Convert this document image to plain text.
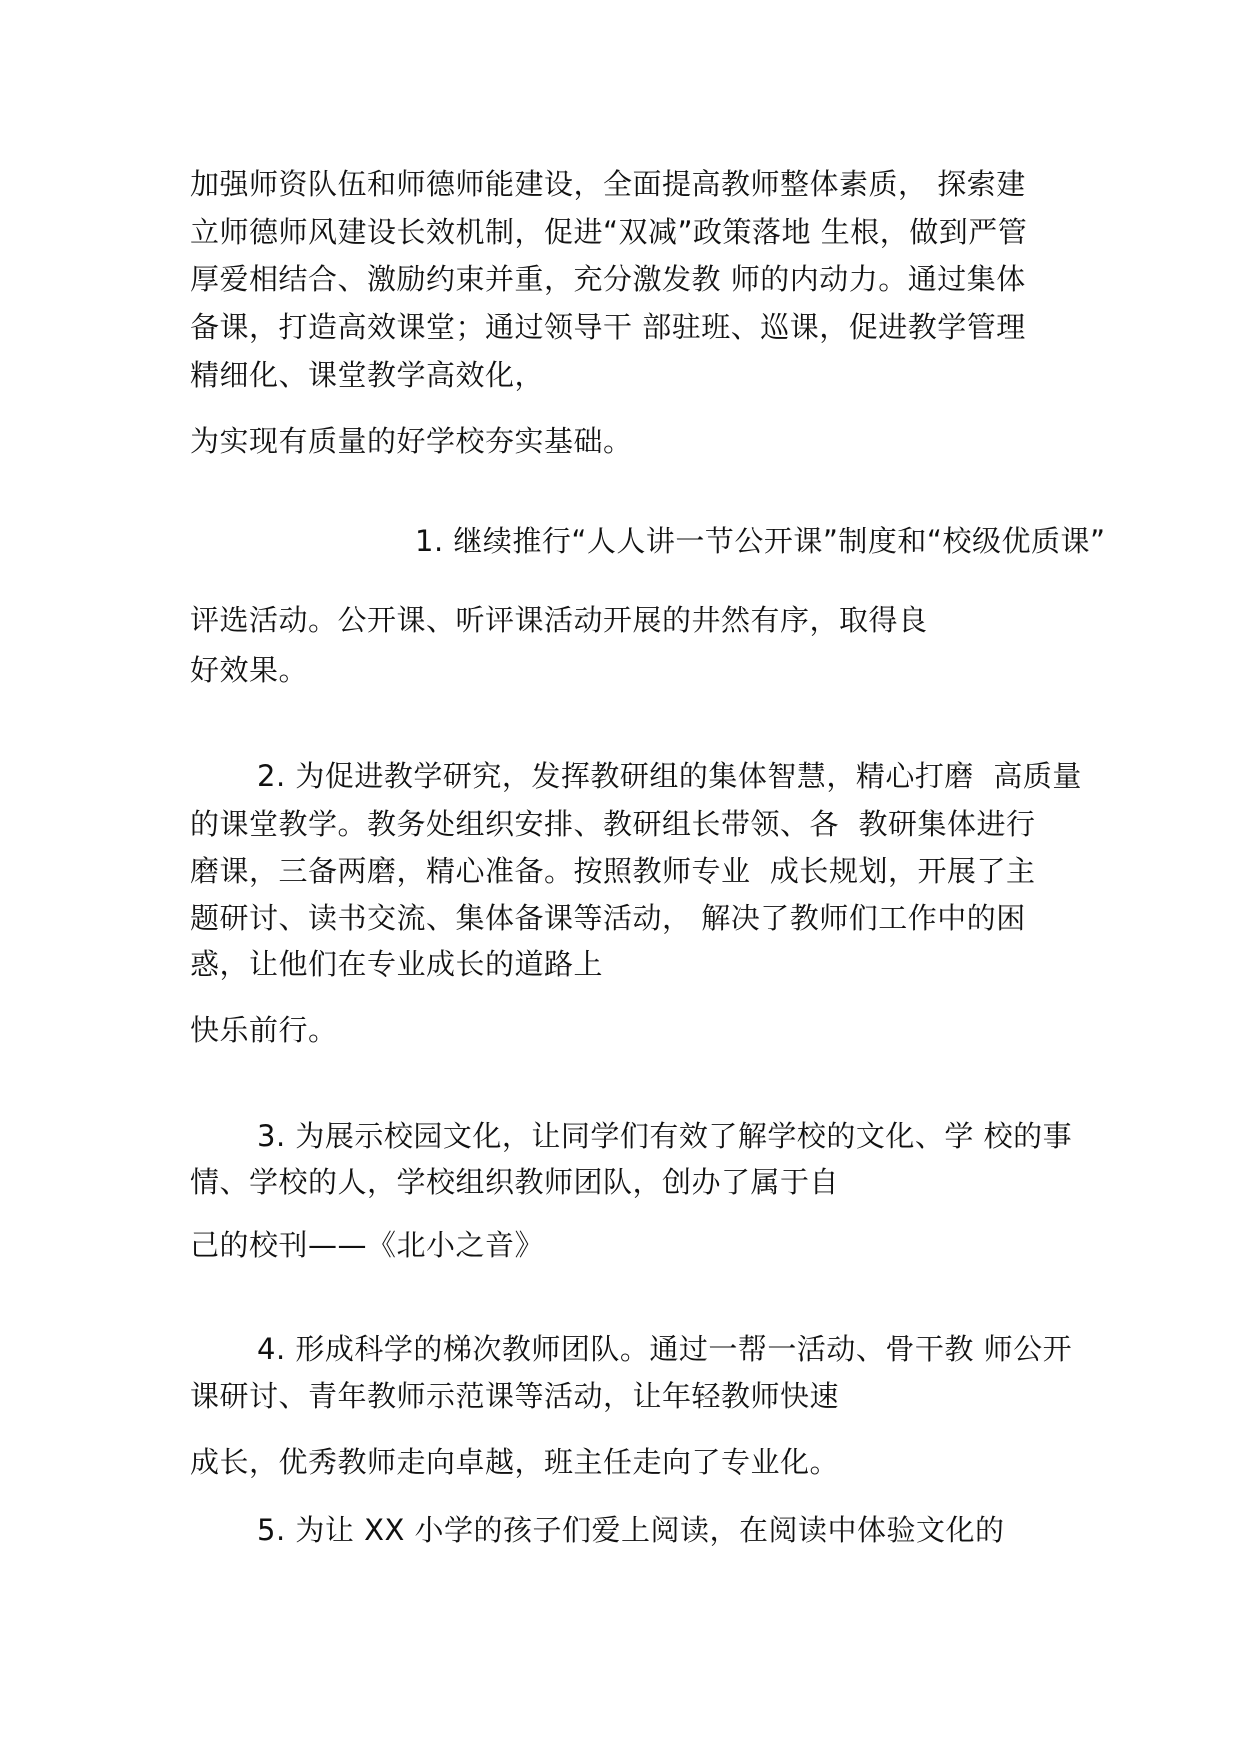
加强师资队伍和师德师能建设，全面提高教师整体素质， 探索建
立师德师风建设长效机制，促进“双减”政策落地 生根，做到严管
厚爱相结合、激励约束并重，充分激发教 师的内动力。通过集体
备课，打造高效课堂；通过领导干 部驻班、巡课，促进教学管理
精细化、课堂教学高效化，
为实现有质量的好学校夯实基础。
1. 继续推行“人人讲一节公开课”制度和“校级优质课”
评选活动。公开课、听评课活动开展的井然有序，取得良
好效果。
2. 为促进教学研究，发挥教研组的集体智慧，精心打磨  高质量
的课堂教学。教务处组织安排、教研组长带领、各  教研集体进行
磨课，三备两磨，精心准备。按照教师专业  成长规划，开展了主
题研讨、读书交流、集体备课等活动， 解决了教师们工作中的困
惑，让他们在专业成长的道路上
快乐前行。
3. 为展示校园文化，让同学们有效了解学校的文化、学 校的事
情、学校的人，学校组织教师团队，创办了属于自
己的校刊——《北小之音》
4. 形成科学的梯次教师团队。通过一帮一活动、骨干教 师公开
课研讨、青年教师示范课等活动，让年轻教师快速
成长，优秀教师走向卓越，班主任走向了专业化。
5. 为让 XX 小学的孩子们爱上阅读，在阅读中体验文化的
